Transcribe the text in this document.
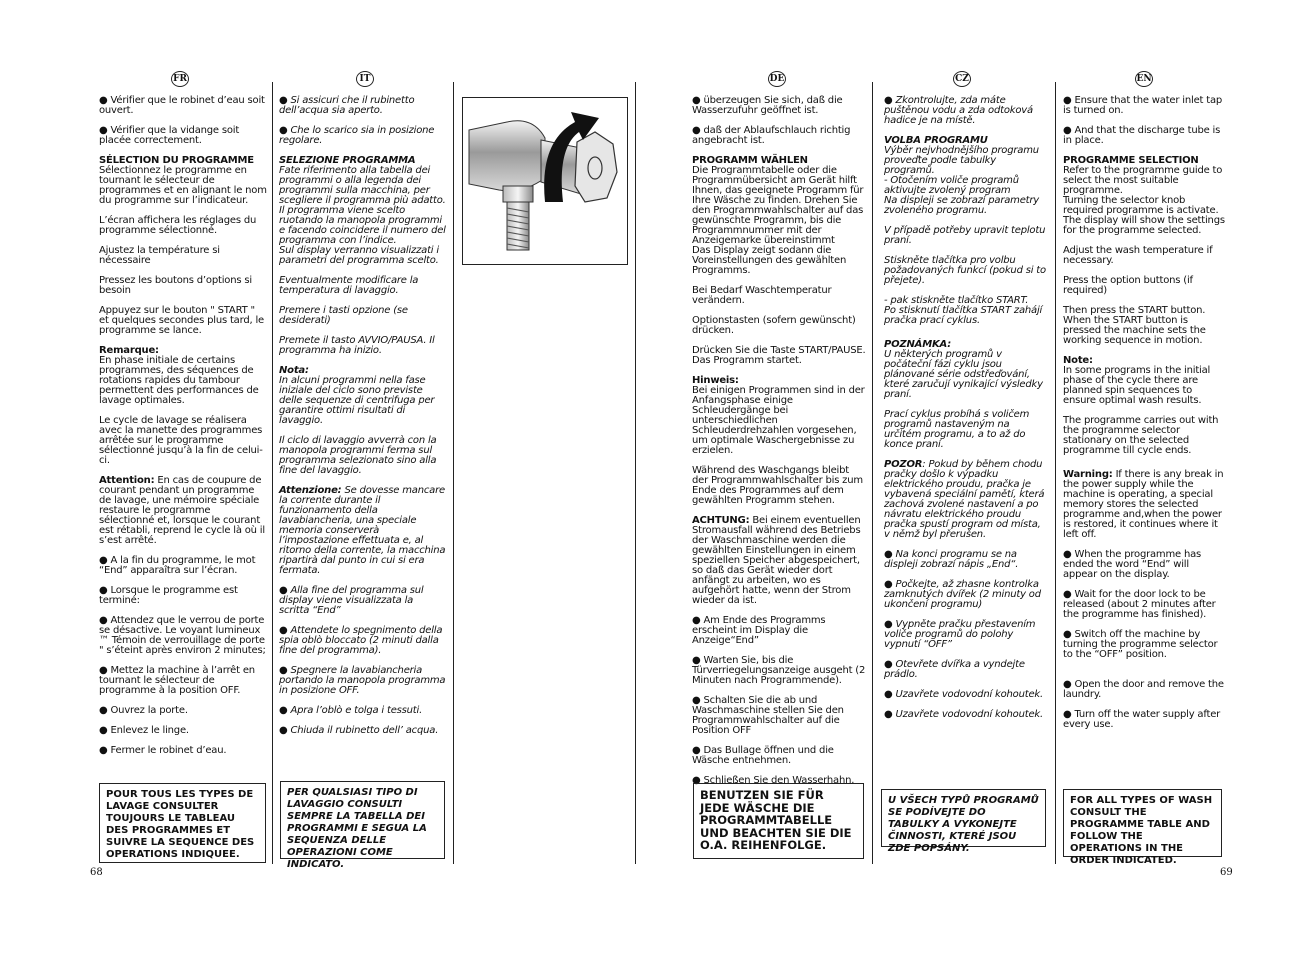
FR	IT	DE	CZ	EN

● Vérifier que le robinet d’eau soit ouvert.

● Vérifier que la vidange soit placée correctement.

SÉLECTION DU PROGRAMME
Sélectionnez le programme en tournant le sélecteur de programmes et en alignant le nom du programme sur l’indicateur.

L’écran affichera les réglages du programme sélectionné.

Ajustez la température si nécessaire

Pressez les boutons d’options si besoin

Appuyez sur le bouton " START " et quelques secondes plus tard, le programme se lance.

Remarque:
En phase initiale de certains programmes, des séquences de rotations rapides du tambour permettent des performances de lavage optimales.

Le cycle de lavage se réalisera avec la manette des programmes arrêtée sur le programme sélectionné jusqu’à la fin de celui-ci.

Attention: En cas de coupure de courant pendant un programme de lavage, une mémoire spéciale restaure le programme sélectionné et, lorsque le courant est rétabli, reprend le cycle là où il s’est arrêté.

● A la fin du programme, le mot “End” apparaîtra sur l’écran.

● Lorsque le programme est terminé:

● Attendez que le verrou de porte se désactive. Le voyant lumineux ™ Témoin de verrouillage de porte " s’éteint après environ 2 minutes;

● Mettez la machine à l’arrêt en tournant le sélecteur de programme à la position OFF.

● Ouvrez la porte.

● Enlevez le linge.

● Fermer le robinet d’eau.

POUR TOUS LES TYPES DE LAVAGE CONSULTER TOUJOURS LE TABLEAU DES PROGRAMMES ET SUIVRE LA SEQUENCE DES OPERATIONS INDIQUEE.

● Si assicuri che il rubinetto dell’acqua sia aperto.

● Che lo scarico sia in posizione regolare.

SELEZIONE PROGRAMMA
Fate riferimento alla tabella dei programmi o alla legenda dei programmi sulla macchina, per scegliere il programma più adatto.

Il programma viene scelto ruotando la manopola programmi e facendo coincidere il numero del programma con l’indice.

Sul display verranno visualizzati i parametri del programma scelto.

Eventualmente modificare la temperatura di lavaggio.

Premere i tasti opzione (se desiderati)

Premete il tasto AVVIO/PAUSA. Il programma ha inizio.

Nota:
In alcuni programmi nella fase iniziale del ciclo sono previste delle sequenze di centrifuga per garantire ottimi risultati di lavaggio.

Il ciclo di lavaggio avverrà con la manopola programmi ferma sul programma selezionato sino alla fine del lavaggio.

Attenzione: Se dovesse mancare la corrente durante il funzionamento della lavabiancheria, una speciale memoria conserverà l’impostazione effettuata e, al ritorno della corrente, la macchina ripartirà dal punto in cui si era fermata.

● Alla fine del programma sul display viene visualizzata la scritta “End”

● Attendete lo spegnimento della spia oblò bloccato (2 minuti dalla fine del programma).

● Spegnere la lavabiancheria portando la manopola programma in posizione OFF.

● Apra l’oblò e tolga i tessuti.

● Chiuda il rubinetto dell’ acqua.

PER QUALSIASI TIPO DI LAVAGGIO CONSULTI SEMPRE LA TABELLA DEI PROGRAMMI E SEGUA LA SEQUENZA DELLE OPERAZIONI COME INDICATO.

● überzeugen Sie sich, daß die Wasserzufuhr geöffnet ist.

● daß der Ablaufschlauch richtig angebracht ist.

PROGRAMM WÄHLEN
Die Programmtabelle oder die Programmübersicht am Gerät hilft Ihnen, das geeignete Programm für Ihre Wäsche zu finden. Drehen Sie den Programmwahlschalter auf das gewünschte Programm, bis die Programmnummer mit der Anzeigemarke übereinstimmt

Das Display zeigt sodann die Voreinstellungen des gewählten Programms.

Bei Bedarf Waschtemperatur verändern.

Optionstasten (sofern gewünscht) drücken.

Drücken Sie die Taste START/PAUSE. Das Programm startet.

Hinweis:
Bei einigen Programmen sind in der Anfangsphase einige Schleudergänge bei unterschiedlichen Schleuderdrehzahlen vorgesehen, um optimale Waschergebnisse zu erzielen.

Während des Waschgangs bleibt der Programmwahlschalter bis zum Ende des Programmes auf dem gewählten Programm stehen.

ACHTUNG: Bei einem eventuellen Stromausfall während des Betriebs der Waschmaschine werden die gewählten Einstellungen in einem speziellen Speicher abgespeichert, so daß das Gerät wieder dort anfängt zu arbeiten, wo es aufgehört hatte, wenn der Strom wieder da ist.

● Am Ende des Programms erscheint im Display die Anzeige“End”

● Warten Sie, bis die Türverriegelungsanzeige ausgeht (2 Minuten nach Programmende).

● Schalten Sie die ab und Waschmaschine stellen Sie den Programmwahlschalter auf die Position OFF

● Das Bullage öffnen und die Wäsche entnehmen.

● Schließen Sie den Wasserhahn.

BENUTZEN SIE FÜR JEDE WÄSCHE DIE PROGRAMMTABELLE UND BEACHTEN SIE DIE O.A. REIHENFOLGE.

● Zkontrolujte, zda máte puštěnou vodu a zda odtoková hadice je na místě.

VOLBA PROGRAMU
Výběr nejvhodnějšího programu proveďte podle tabulky programů.

- Otočením voliče programů aktivujte zvolený program

Na displeji se zobrazí parametry zvoleného programu.

V případě potřeby upravit teplotu praní.

Stiskněte tlačítka pro volbu požadovaných funkcí (pokud si to přejete).

- pak stiskněte tlačítko START.

Po stisknutí tlačítka START zahájí pračka prací cyklus.

POZNÁMKA:
U některých programů v počáteční fázi cyklu jsou plánované série odstřeďování, které zaručují vynikající výsledky praní.

Prací cyklus probíhá s voličem programů nastaveným na určitém programu, a to až do konce praní.

POZOR: Pokud by během chodu pračky došlo k výpadku elektrického proudu, pračka je vybavená speciální pamětí, která zachová zvolené nastavení a po návratu elektrického proudu pračka spustí program od místa, v němž byl přerušen.

● Na konci programu se na displeji zobrazí nápis „End“.

● Počkejte, až zhasne kontrolka zamknutých dvířek (2 minuty od ukončení programu)

● Vypněte pračku přestavením voliče programů do polohy vypnutí “OFF”

● Otevřete dvířka a vyndejte prádlo.

● Uzavřete vodovodní kohoutek.

● Uzavřete vodovodní kohoutek.

U VŠECH TYPŮ PROGRAMŮ SE PODÍVEJTE DO TABULKY A VYKONEJTE ČINNOSTI, KTERÉ JSOU ZDE POPSÁNY.

● Ensure that the water inlet tap is turned on.

● And that the discharge tube is in place.

PROGRAMME SELECTION
Refer to the programme guide to select the most suitable programme.

Turning the selector knob required programme is activate.

The display will show the settings for the programme selected.

Adjust the wash temperature if necessary.

Press the option buttons (if required)

Then press the START button. When the START button is pressed the machine sets the working sequence in motion.

Note:
In some programs in the initial phase of the cycle there are planned spin sequences to ensure optimal wash results.

The programme carries out with the programme selector stationary on the selected programme till cycle ends.

Warning: If there is any break in the power supply while the machine is operating, a special memory stores the selected programme and,when the power is restored, it continues where it left off.

● When the programme has ended the word “End” will appear on the display.

● Wait for the door lock to be released (about 2 minutes after the programme has finished).

● Switch off the machine by turning the programme selector to the “OFF” position.

● Open the door and remove the laundry.

● Turn off the water supply after every use.

FOR ALL TYPES OF WASH CONSULT THE PROGRAMME TABLE AND FOLLOW THE OPERATIONS IN THE ORDER INDICATED.
68	69
